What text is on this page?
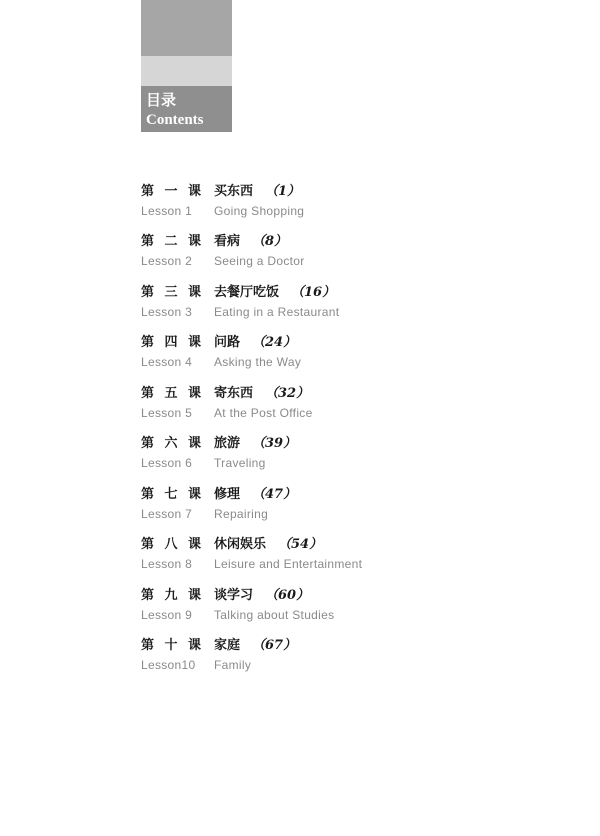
目录
Contents
第 一 课 买东西 （1）
Lesson 1 Going Shopping
第 二 课 看病 （8）
Lesson 2 Seeing a Doctor
第 三 课 去餐厅吃饭 （16）
Lesson 3 Eating in a Restaurant
第 四 课 问路 （24）
Lesson 4 Asking the Way
第 五 课 寄东西 （32）
Lesson 5 At the Post Office
第 六 课 旅游 （39）
Lesson 6 Traveling
第 七 课 修理 （47）
Lesson 7 Repairing
第 八 课 休闲娱乐 （54）
Lesson 8 Leisure and Entertainment
第 九 课 谈学习 （60）
Lesson 9 Talking about Studies
第 十 课 家庭 （67）
Lesson10 Family
